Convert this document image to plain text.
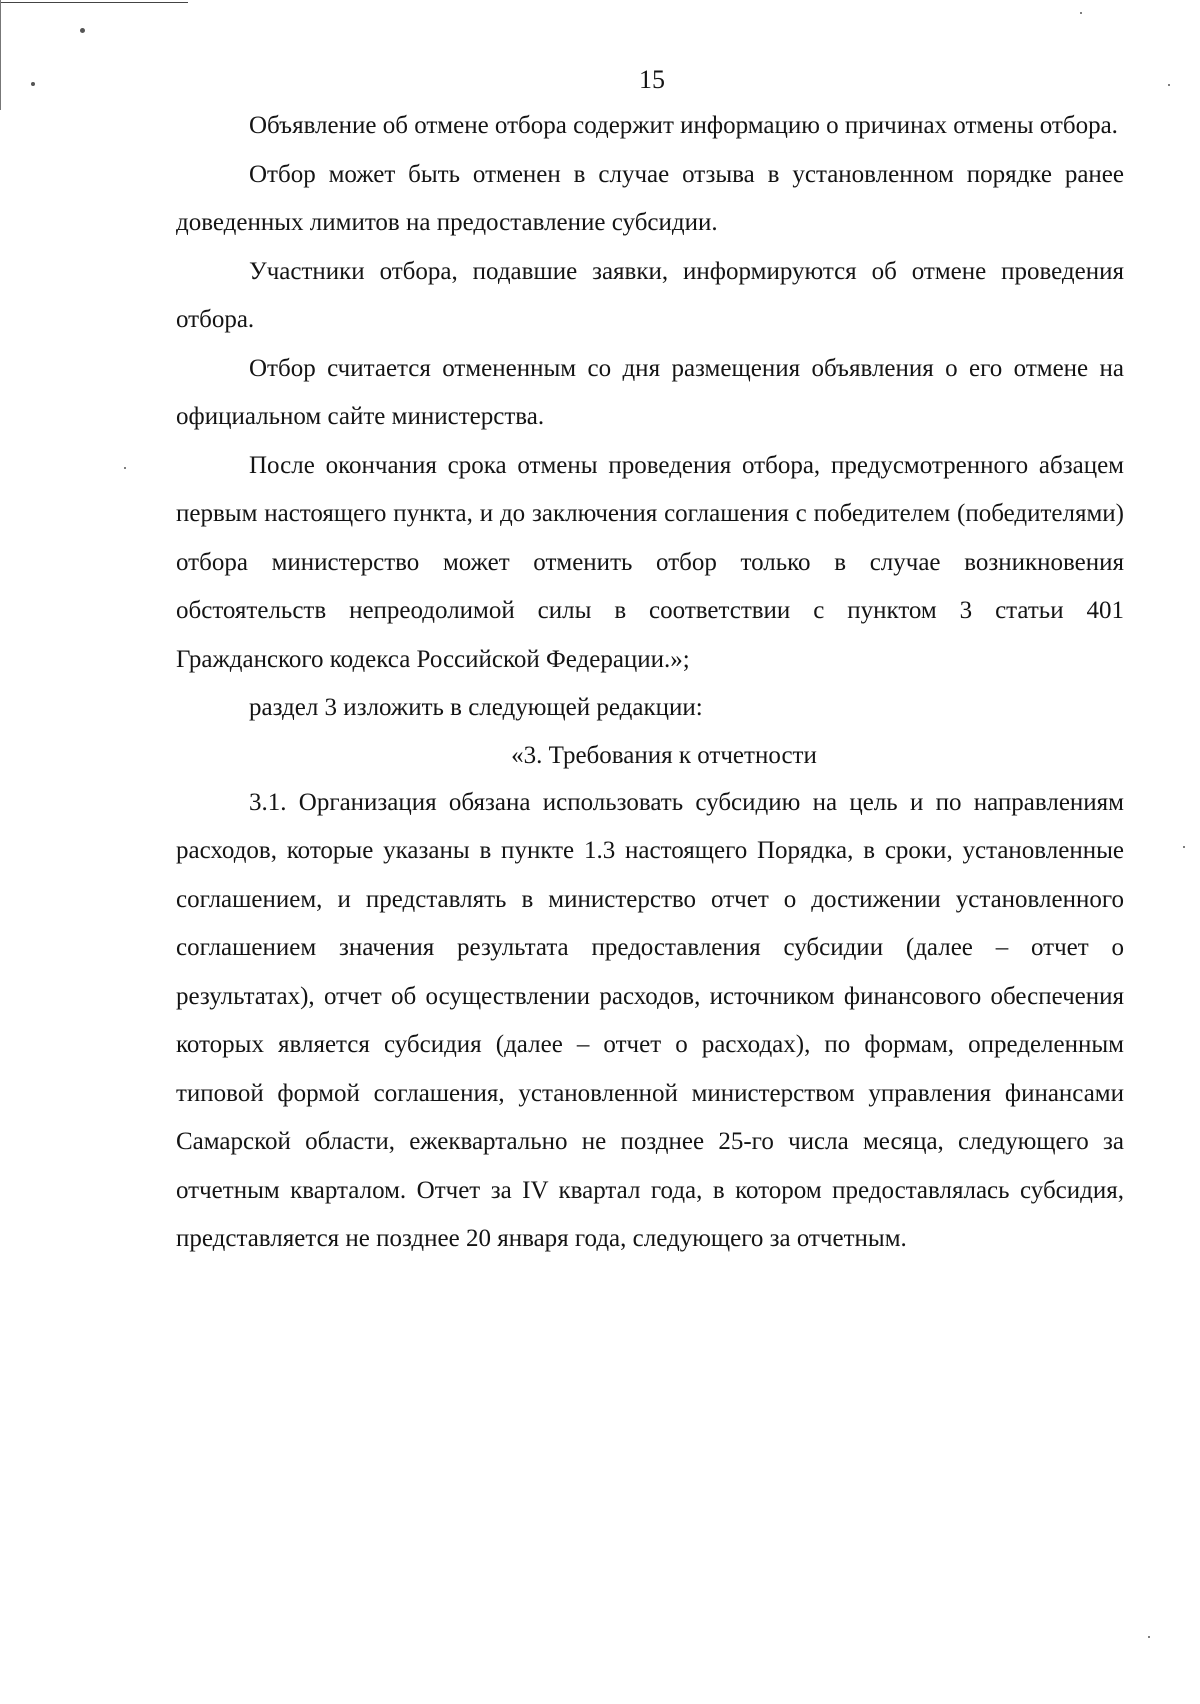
15

Объявление об отмене отбора содержит информацию о причинах отмены отбора.

Отбор может быть отменен в случае отзыва в установленном порядке ранее доведенных лимитов на предоставление субсидии.

Участники отбора, подавшие заявки, информируются об отмене проведения отбора.

Отбор считается отмененным со дня размещения объявления о его отмене на официальном сайте министерства.

После окончания срока отмены проведения отбора, предусмотренного абзацем первым настоящего пункта, и до заключения соглашения с победителем (победителями) отбора министерство может отменить отбор только в случае возникновения обстоятельств непреодолимой силы в соответствии с пунктом 3 статьи 401 Гражданского кодекса Российской Федерации.»;

раздел 3 изложить в следующей редакции:

«3. Требования к отчетности

3.1. Организация обязана использовать субсидию на цель и по направлениям расходов, которые указаны в пункте 1.3 настоящего Порядка, в сроки, установленные соглашением, и представлять в министерство отчет о достижении установленного соглашением значения результата предоставления субсидии (далее – отчет о результатах), отчет об осуществлении расходов, источником финансового обеспечения которых является субсидия (далее – отчет о расходах), по формам, определенным типовой формой соглашения, установленной министерством управления финансами Самарской области, ежеквартально не позднее 25-го числа месяца, следующего за отчетным кварталом. Отчет за IV квартал года, в котором предоставлялась субсидия, представляется не позднее 20 января года, следующего за отчетным.
